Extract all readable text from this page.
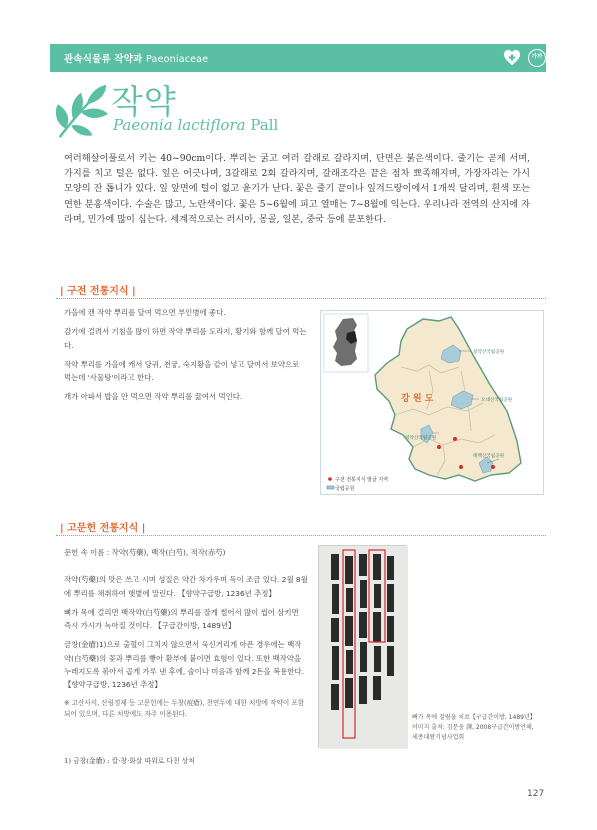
관속식물류 작약과 Paeoniaceae	가까
작약
Paeonia lactiflora Pall
여러해살이풀로서 키는 40~90cm이다. 뿌리는 굵고 여러 갈래로 갈라지며, 단면은 붉은색이다. 줄기는 곧게 서며, 가지를 치고 털은 없다. 잎은 어긋나며, 3갈래로 2회 갈라지며, 갈래조각은 끝은 점차 뾰족해지며, 가장자리는 가시 모양의 잔 톱니가 있다. 잎 앞면에 털이 없고 윤기가 난다. 꽃은 줄기 끝이나 잎겨드랑이에서 1개씩 달리며, 흰색 또는 연한 분홍색이다. 수술은 많고, 노란색이다. 꽃은 5~6월에 피고 열매는 7~8월에 익는다. 우리나라 전역의 산지에 자라며, 민가에 많이 심는다. 세계적으로는 러시아, 몽골, 일본, 중국 등에 분포한다.
| 구전 전통지식 |
가을에 캔 작약 뿌리를 달여 먹으면 부인병에 좋다.
감기에 걸려서 기침을 많이 하면 작약 뿌리를 도라지, 황기와 함께 달여 먹는다.
작약 뿌리를 가을에 캐서 당귀, 천궁, 숙지황을 같이 넣고 달여서 보약으로 먹는데 '사물탕'이라고 한다.
개가 아파서 밥을 안 먹으면 작약 뿌리를 끓여서 먹인다.
설악산국립공원
오대산국립공원
치악산국립공원
태백산국립공원
강 원 도
구전 전통지식 발굴 지역
국립공원
| 고문헌 전통지식 |
문헌 속 이름 : 작약(芍藥), 백작(白芍), 적작(赤芍)
작약(芍藥)의 맛은 쓰고 시며 성질은 약간 차가우며 독이 조금 있다. 2월 8월에 뿌리를 채취하여 햇볕에 말린다. 【향약구급방, 1236년 추정】
뼈가 목에 걸리면 백작약(白芍藥)의 뿌리를 잘게 썰어서 많이 씹어 삼키면 즉시 가시가 녹아질 것이다. 【구급간이방, 1489년】
금창(金瘡)1)으로 출혈이 그치지 않으면서 욱신거리게 아픈 경우에는 백작약(白芍藥)의 꽃과 뿌리를 빻아 환부에 붙이면 효험이 있다. 또한 백작약을 누레지도록 볶아서 곱게 가루 낸 후에, 술이나 미음과 함께 2돈을 복용한다. 【향약구급방, 1236년 추정】
※ 고산사서, 산림경제 등 고문헌에는 두창(痘瘡), 천연두에 대한 처방에 작약이 포함되어 있으며, 다른 처방에도 자주 이용된다.
1) 금창(金瘡) : 칼·창·화살 따위로 다친 상처
뼈가 목에 걸림을 치료【구급간이방, 1489년】
이미지 출처: 김문웅 譯, 2008구급간이방언해,
세종대왕기념사업회
127
